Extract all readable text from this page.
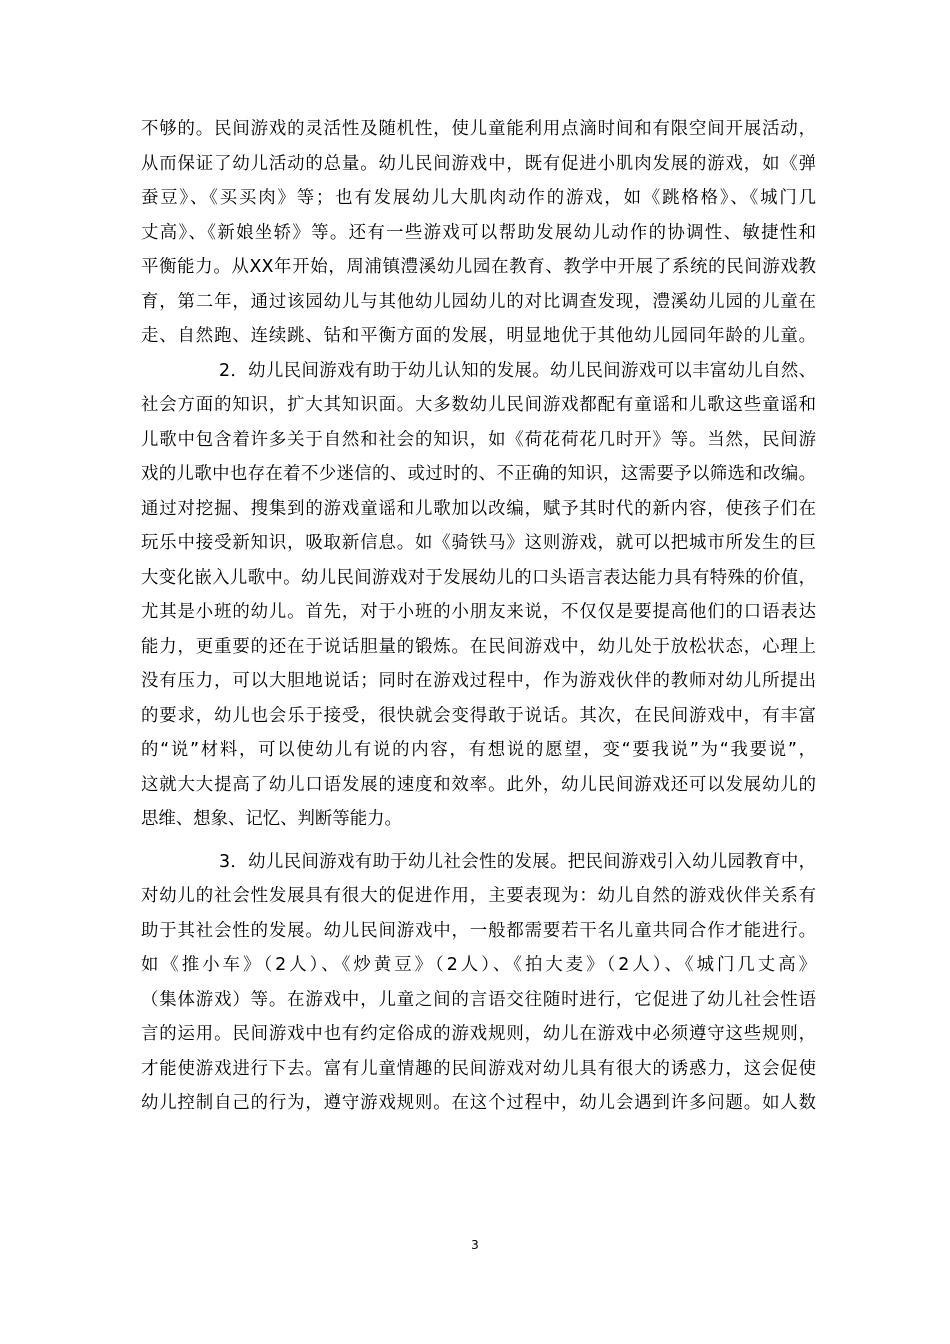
不够的。民间游戏的灵活性及随机性，使儿童能利用点滴时间和有限空间开展活动，
从而保证了幼儿活动的总量。幼儿民间游戏中，既有促进小肌肉发展的游戏，如《弹
蚕豆》、《买买肉》等；也有发展幼儿大肌肉动作的游戏，如《跳格格》、《城门几
丈高》、《新娘坐轿》等。还有一些游戏可以帮助发展幼儿动作的协调性、敏捷性和
平衡能力。从XX年开始，周浦镇澧溪幼儿园在教育、教学中开展了系统的民间游戏教
育，第二年，通过该园幼儿与其他幼儿园幼儿的对比调查发现，澧溪幼儿园的儿童在
走、自然跑、连续跳、钻和平衡方面的发展，明显地优于其他幼儿园同年龄的儿童。
2．幼儿民间游戏有助于幼儿认知的发展。幼儿民间游戏可以丰富幼儿自然、
社会方面的知识，扩大其知识面。大多数幼儿民间游戏都配有童谣和儿歌这些童谣和
儿歌中包含着许多关于自然和社会的知识，如《荷花荷花几时开》等。当然，民间游
戏的儿歌中也存在着不少迷信的、或过时的、不正确的知识，这需要予以筛选和改编。
通过对挖掘、搜集到的游戏童谣和儿歌加以改编，赋予其时代的新内容，使孩子们在
玩乐中接受新知识，吸取新信息。如《骑铁马》这则游戏，就可以把城市所发生的巨
大变化嵌入儿歌中。幼儿民间游戏对于发展幼儿的口头语言表达能力具有特殊的价值，
尤其是小班的幼儿。首先，对于小班的小朋友来说，不仅仅是要提高他们的口语表达
能力，更重要的还在于说话胆量的锻炼。在民间游戏中，幼儿处于放松状态，心理上
没有压力，可以大胆地说话；同时在游戏过程中，作为游戏伙伴的教师对幼儿所提出
的要求，幼儿也会乐于接受，很快就会变得敢于说话。其次，在民间游戏中，有丰富
的“说”材料，可以使幼儿有说的内容，有想说的愿望，变“要我说”为“我要说”，
这就大大提高了幼儿口语发展的速度和效率。此外，幼儿民间游戏还可以发展幼儿的
思维、想象、记忆、判断等能力。
3．幼儿民间游戏有助于幼儿社会性的发展。把民间游戏引入幼儿园教育中，
对幼儿的社会性发展具有很大的促进作用，主要表现为：幼儿自然的游戏伙伴关系有
助于其社会性的发展。幼儿民间游戏中，一般都需要若干名儿童共同合作才能进行。
如《推小车》（2人）、《炒黄豆》（2人）、《拍大麦》（2人）、《城门几丈高》
（集体游戏）等。在游戏中，儿童之间的言语交往随时进行，它促进了幼儿社会性语
言的运用。民间游戏中也有约定俗成的游戏规则，幼儿在游戏中必须遵守这些规则，
才能使游戏进行下去。富有儿童情趣的民间游戏对幼儿具有很大的诱惑力，这会促使
幼儿控制自己的行为，遵守游戏规则。在这个过程中，幼儿会遇到许多问题。如人数
3
